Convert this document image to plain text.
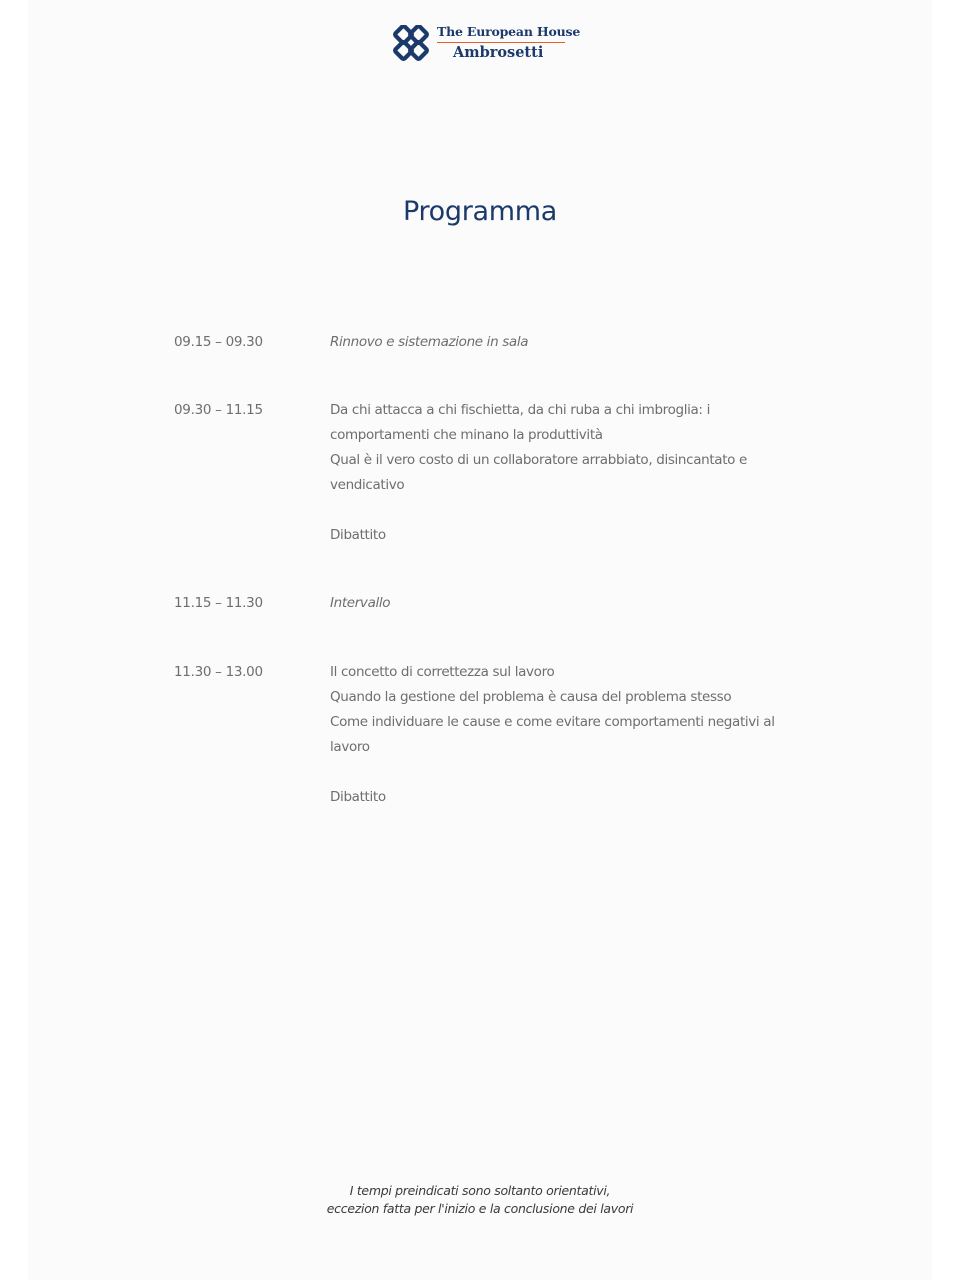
The European House
Ambrosetti
Programma
09.15 – 09.30	Rinnovo e sistemazione in sala
09.30 – 11.15	Da chi attacca a chi fischietta, da chi ruba a chi imbroglia: i
comportamenti che minano la produttività
Qual è il vero costo di un collaboratore arrabbiato, disincantato e
vendicativo
Dibattito
11.15 – 11.30	Intervallo
11.30 – 13.00	Il concetto di correttezza sul lavoro
Quando la gestione del problema è causa del problema stesso
Come individuare le cause e come evitare comportamenti negativi al
lavoro
Dibattito
I tempi preindicati sono soltanto orientativi,
eccezion fatta per l'inizio e la conclusione dei lavori
